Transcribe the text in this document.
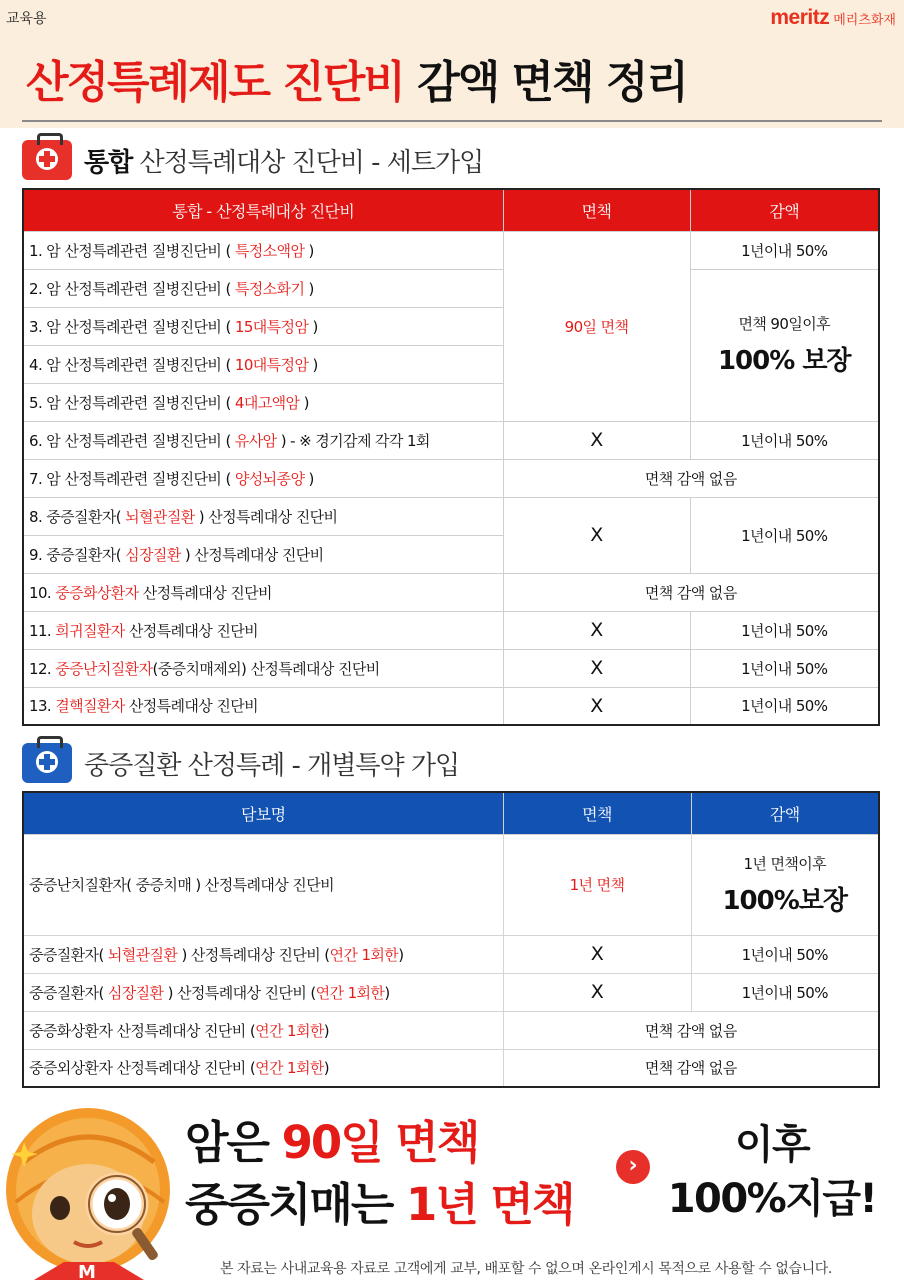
교육용	meritz 메리츠화재
산정특례제도 진단비 감액 면책 정리
통합 산정특례대상 진단비 - 세트가입
통합 - 산정특례대상 진단비	면책	감액
1. 암 산정특례관련 질병진단비 ( 특정소액암 )	90일 면책	1년이내 50%
2. 암 산정특례관련 질병진단비 ( 특정소화기 )		면책 90일이후
100% 보장

3. 암 산정특례관련 질병진단비 ( 15대특정암 )		
4. 암 산정특례관련 질병진단비 ( 10대특정암 )		
5. 암 산정특례관련 질병진단비 ( 4대고액암 )		
6. 암 산정특례관련 질병진단비 ( 유사암 ) - ※ 경기감제 각각 1회	X	1년이내 50%
7. 암 산정특례관련 질병진단비 ( 양성뇌종양 )	면책 감액 없음	
8. 중증질환자( 뇌혈관질환 ) 산정특례대상 진단비	X	1년이내 50%
9. 중증질환자( 심장질환 ) 산정특례대상 진단비		
10. 중증화상환자 산정특례대상 진단비	면책 감액 없음	
11. 희귀질환자 산정특례대상 진단비	X	1년이내 50%
12. 중증난치질환자(중증치매제외) 산정특례대상 진단비	X	1년이내 50%
13. 결핵질환자 산정특례대상 진단비	X	1년이내 50%
중증질환 산정특례 - 개별특약 가입
담보명	면책	감액
중증난치질환자( 중증치매 ) 산정특례대상 진단비	1년 면책	1년 면책이후
100%보장

중증질환자( 뇌혈관질환 ) 산정특례대상 진단비 (연간 1회한)	X	1년이내 50%
중증질환자( 심장질환 ) 산정특례대상 진단비 (연간 1회한)	X	1년이내 50%
중증화상환자 산정특례대상 진단비 (연간 1회한)	면책 감액 없음	
중증외상환자 산정특례대상 진단비 (연간 1회한)	면책 감액 없음	
M
암은 90일 면책
중증치매는 1년 면책
›	이후
100%지급!
본 자료는 사내교육용 자료로 고객에게 교부, 배포할 수 없으며 온라인게시 목적으로 사용할 수 없습니다.
